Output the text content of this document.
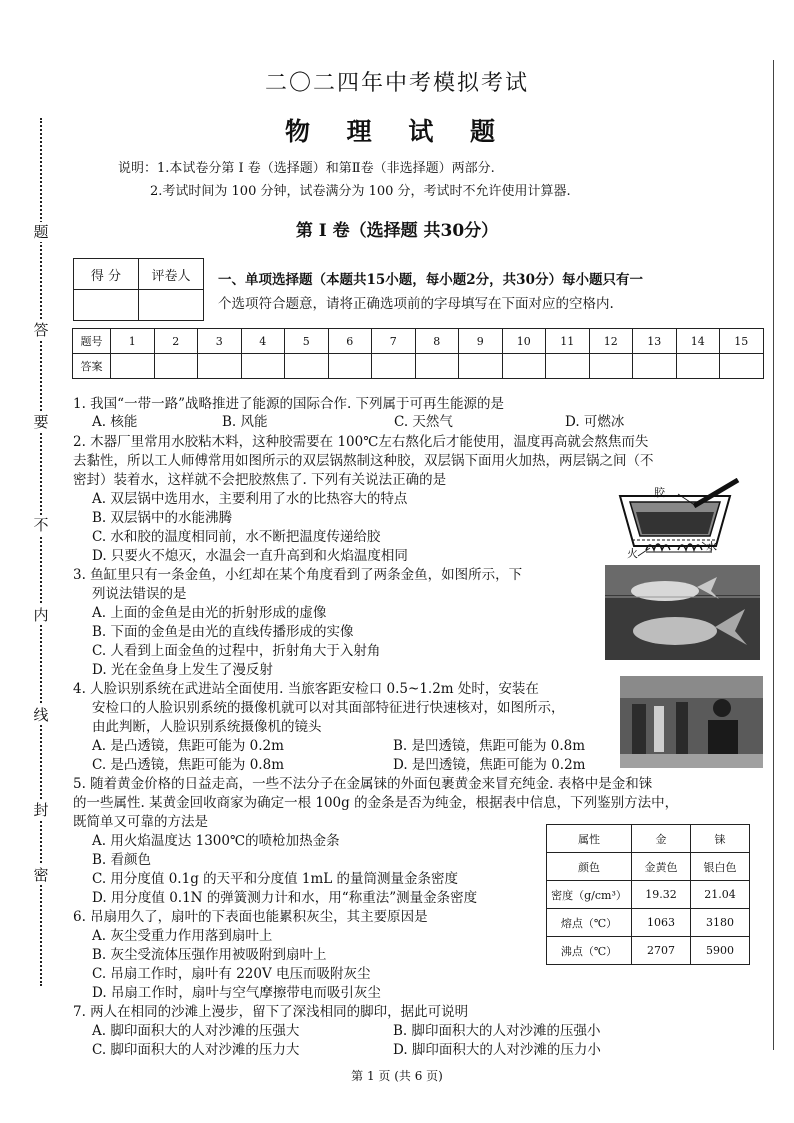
题
答
要
不
内
线
封
密
二〇二四年中考模拟考试
物 理 试 题
说明：1.本试卷分第 I 卷（选择题）和第Ⅱ卷（非选择题）两部分.
2.考试时间为 100 分钟，试卷满分为 100 分，考试时不允许使用计算器.
第 I 卷（选择题 共30分）
得 分	评卷人
	一、单项选择题（本题共15小题，每小题2分，共30分）每小题只有一
个选项符合题意，请将正确选项前的字母填写在下面对应的空格内.
题号	1	2	3	4	5	6	7	8	9	10	11	12	13	14	15
答案															
1. 我国“一带一路”战略推进了能源的国际合作. 下列属于可再生能源的是
A. 核能	B. 风能	C. 天然气	D. 可燃冰
2. 木器厂里常用水胶粘木料，这种胶需要在 100℃左右熬化后才能使用，温度再高就会熬焦而失
去黏性，所以工人师傅常用如图所示的双层锅熬制这种胶，双层锅下面用火加热，两层锅之间（不
密封）装着水，这样就不会把胶熬焦了. 下列有关说法正确的是
A. 双层锅中选用水，主要利用了水的比热容大的特点
B. 双层锅中的水能沸腾
C. 水和胶的温度相同前，水不断把温度传递给胶
D. 只要火不熄灭，水温会一直升高到和火焰温度相同
胶
火
水
3. 鱼缸里只有一条金鱼，小红却在某个角度看到了两条金鱼，如图所示，下
列说法错误的是
A. 上面的金鱼是由光的折射形成的虚像
B. 下面的金鱼是由光的直线传播形成的实像
C. 人看到上面金鱼的过程中，折射角大于入射角
D. 光在金鱼身上发生了漫反射
4. 人脸识别系统在武进站全面使用. 当旅客距安检口 0.5~1.2m 处时，安装在
安检口的人脸识别系统的摄像机就可以对其面部特征进行快速核对，如图所示，
由此判断，人脸识别系统摄像机的镜头
A. 是凸透镜，焦距可能为 0.2m	B. 是凹透镜，焦距可能为 0.8m
C. 是凸透镜，焦距可能为 0.8m	D. 是凹透镜，焦距可能为 0.2m
5. 随着黄金价格的日益走高，一些不法分子在金属铼的外面包裹黄金来冒充纯金. 表格中是金和铼
的一些属性. 某黄金回收商家为确定一根 100g 的金条是否为纯金，根据表中信息，下列鉴别方法中，
既简单又可靠的方法是
A. 用火焰温度达 1300℃的喷枪加热金条
B. 看颜色
C. 用分度值 0.1g 的天平和分度值 1mL 的量筒测量金条密度
D. 用分度值 0.1N 的弹簧测力计和水，用“称重法”测量金条密度
属性	金	铼
颜色	金黄色	银白色
密度（g/cm³）	19.32	21.04
熔点（℃）	1063	3180
沸点（℃）	2707	5900
6. 吊扇用久了，扇叶的下表面也能累积灰尘，其主要原因是
A. 灰尘受重力作用落到扇叶上
B. 灰尘受流体压强作用被吸附到扇叶上
C. 吊扇工作时，扇叶有 220V 电压而吸附灰尘
D. 吊扇工作时，扇叶与空气摩擦带电而吸引灰尘
7. 两人在相同的沙滩上漫步，留下了深浅相同的脚印，据此可说明
A. 脚印面积大的人对沙滩的压强大	B. 脚印面积大的人对沙滩的压强小
C. 脚印面积大的人对沙滩的压力大	D. 脚印面积大的人对沙滩的压力小
第 1 页 (共 6 页)
